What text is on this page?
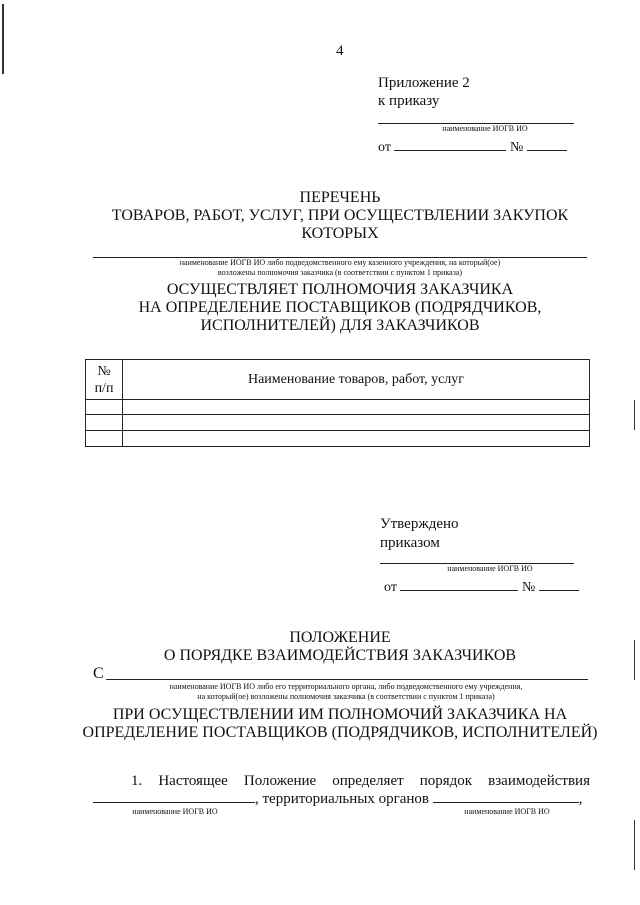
4
Приложение 2
к приказу
наименование ИОГВ ИО
от	№
ПЕРЕЧЕНЬ
ТОВАРОВ, РАБОТ, УСЛУГ, ПРИ ОСУЩЕСТВЛЕНИИ ЗАКУПОК
КОТОРЫХ
наименование ИОГВ ИО либо подведомственного ему казенного учреждения, на который(ое)
возложены полномочия заказчика (в соответствии с пунктом 1 приказа)
ОСУЩЕСТВЛЯЕТ ПОЛНОМОЧИЯ ЗАКАЗЧИКА
НА ОПРЕДЕЛЕНИЕ ПОСТАВЩИКОВ (ПОДРЯДЧИКОВ,
ИСПОЛНИТЕЛЕЙ) ДЛЯ ЗАКАЗЧИКОВ
№
п/п	Наименование товаров, работ, услуг

Утверждено
приказом
наименование ИОГВ ИО
от	№
ПОЛОЖЕНИЕ
О ПОРЯДКЕ ВЗАИМОДЕЙСТВИЯ ЗАКАЗЧИКОВ
С
наименование ИОГВ ИО либо его территориального органа, либо подведомственного ему учреждения,
на который(ое) возложены полномочия заказчика (в соответствии с пунктом 1 приказа)
ПРИ ОСУЩЕСТВЛЕНИИ ИМ ПОЛНОМОЧИЙ ЗАКАЗЧИКА НА
ОПРЕДЕЛЕНИЕ ПОСТАВЩИКОВ (ПОДРЯДЧИКОВ, ИСПОЛНИТЕЛЕЙ)
1. Настоящее Положение определяет порядок взаимодействия
, территориальных органов	,
наименование ИОГВ ИО	наименование ИОГВ ИО
